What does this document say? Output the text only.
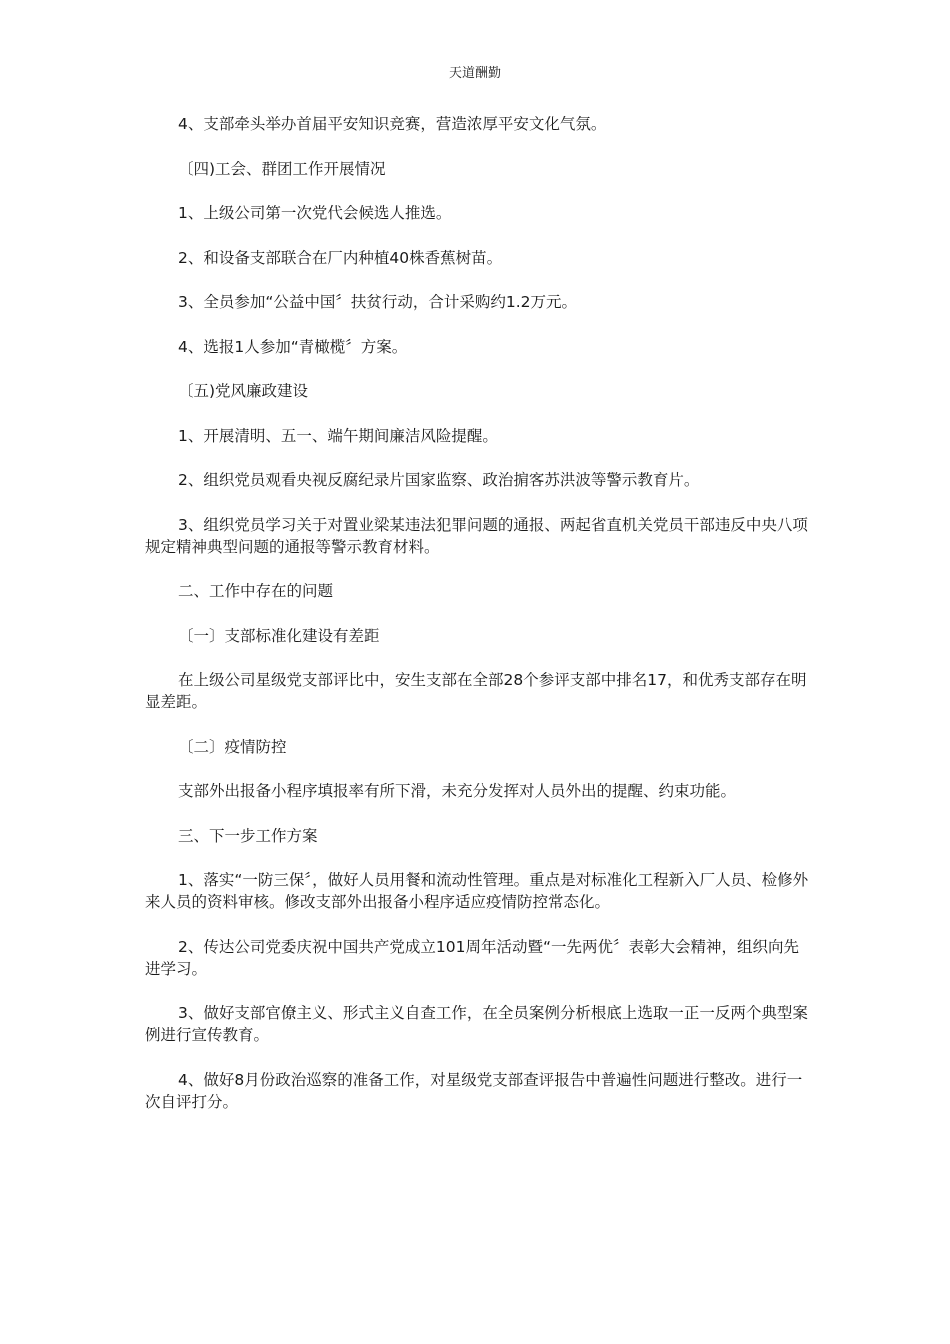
天道酬勤

4、支部牵头举办首届平安知识竞赛，营造浓厚平安文化气氛。

〔四)工会、群团工作开展情况

1、上级公司第一次党代会候选人推选。

2、和设备支部联合在厂内种植40株香蕉树苗。

3、全员参加“公益中国〞扶贫行动，合计采购约1.2万元。

4、选报1人参加“青橄榄〞方案。

〔五)党风廉政建设

1、开展清明、五一、端午期间廉洁风险提醒。

2、组织党员观看央视反腐纪录片国家监察、政治掮客苏洪波等警示教育片。

3、组织党员学习关于对置业梁某违法犯罪问题的通报、两起省直机关党员干部违反中央八项规定精神典型问题的通报等警示教育材料。

二、工作中存在的问题

〔一〕支部标准化建设有差距

在上级公司星级党支部评比中，安生支部在全部28个参评支部中排名17，和优秀支部存在明显差距。

〔二〕疫情防控

支部外出报备小程序填报率有所下滑，未充分发挥对人员外出的提醒、约束功能。

三、下一步工作方案

1、落实“一防三保〞，做好人员用餐和流动性管理。重点是对标准化工程新入厂人员、检修外来人员的资料审核。修改支部外出报备小程序适应疫情防控常态化。

2、传达公司党委庆祝中国共产党成立101周年活动暨“一先两优〞表彰大会精神，组织向先进学习。

3、做好支部官僚主义、形式主义自查工作，在全员案例分析根底上选取一正一反两个典型案例进行宣传教育。

4、做好8月份政治巡察的准备工作，对星级党支部查评报告中普遍性问题进行整改。进行一次自评打分。
